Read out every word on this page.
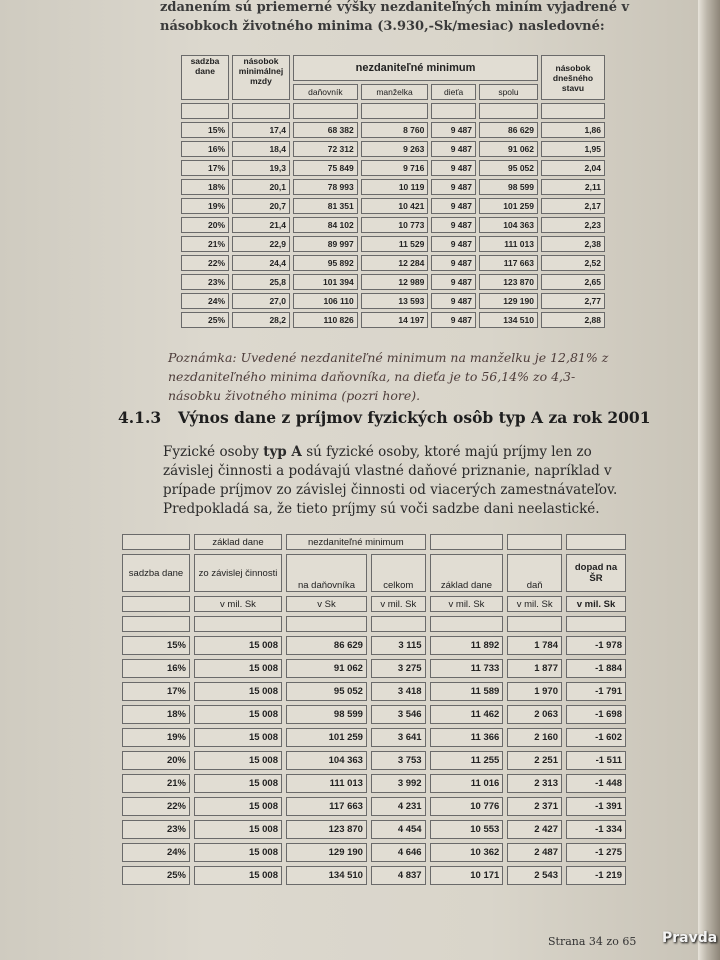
zdanením sú priemerné výšky nezdaniteľných miním vyjadrené v násobkoch životného minima (3.930,-Sk/mesiac) nasledovné:

sadzba dane	násobok minimálnej mzdy	nezdaniteľné minimum				násobok dnešného stavu
		daňovník	manželka	dieťa	spolu	

15%	17,4	68 382	8 760	9 487	86 629	1,86
16%	18,4	72 312	9 263	9 487	91 062	1,95
17%	19,3	75 849	9 716	9 487	95 052	2,04
18%	20,1	78 993	10 119	9 487	98 599	2,11
19%	20,7	81 351	10 421	9 487	101 259	2,17
20%	21,4	84 102	10 773	9 487	104 363	2,23
21%	22,9	89 997	11 529	9 487	111 013	2,38
22%	24,4	95 892	12 284	9 487	117 663	2,52
23%	25,8	101 394	12 989	9 487	123 870	2,65
24%	27,0	106 110	13 593	9 487	129 190	2,77
25%	28,2	110 826	14 197	9 487	134 510	2,88

Poznámka: Uvedené nezdaniteľné minimum na manželku je 12,81% z nezdaniteľného minima daňovníka, na dieťa je to 56,14% zo 4,3-násobku životného minima (pozri hore).

4.1.3 Výnos dane z príjmov fyzických osôb typ A za rok 2001

Fyzické osoby typ A sú fyzické osoby, ktoré majú príjmy len zo závislej činnosti a podávajú vlastné daňové priznanie, napríklad v prípade príjmov zo závislej činnosti od viacerých zamestnávateľov. Predpokladá sa, že tieto príjmy sú voči sadzbe dani neelastické.

	základ dane	nezdaniteľné minimum				
sadzba dane	zo závislej činnosti	na daňovníka	celkom	základ dane	daň	dopad na ŠR
	v mil. Sk	v Sk	v mil. Sk	v mil. Sk	v mil. Sk	v mil. Sk

15%	15 008	86 629	3 115	11 892	1 784	-1 978
16%	15 008	91 062	3 275	11 733	1 877	-1 884
17%	15 008	95 052	3 418	11 589	1 970	-1 791
18%	15 008	98 599	3 546	11 462	2 063	-1 698
19%	15 008	101 259	3 641	11 366	2 160	-1 602
20%	15 008	104 363	3 753	11 255	2 251	-1 511
21%	15 008	111 013	3 992	11 016	2 313	-1 448
22%	15 008	117 663	4 231	10 776	2 371	-1 391
23%	15 008	123 870	4 454	10 553	2 427	-1 334
24%	15 008	129 190	4 646	10 362	2 487	-1 275
25%	15 008	134 510	4 837	10 171	2 543	-1 219
Strana 34 zo 65 Pravda
